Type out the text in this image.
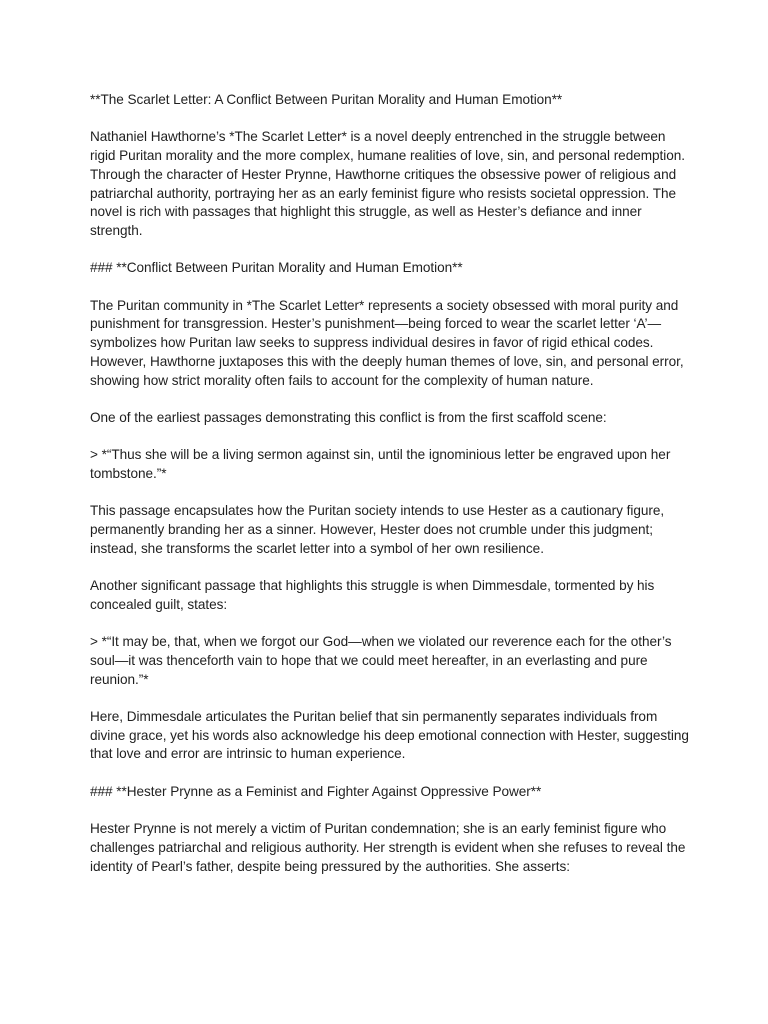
**The Scarlet Letter: A Conflict Between Puritan Morality and Human Emotion**

Nathaniel Hawthorne’s *The Scarlet Letter* is a novel deeply entrenched in the struggle between rigid Puritan morality and the more complex, humane realities of love, sin, and personal redemption. Through the character of Hester Prynne, Hawthorne critiques the obsessive power of religious and patriarchal authority, portraying her as an early feminist figure who resists societal oppression. The novel is rich with passages that highlight this struggle, as well as Hester’s defiance and inner strength.

### **Conflict Between Puritan Morality and Human Emotion**

The Puritan community in *The Scarlet Letter* represents a society obsessed with moral purity and punishment for transgression. Hester’s punishment—being forced to wear the scarlet letter ‘A’—symbolizes how Puritan law seeks to suppress individual desires in favor of rigid ethical codes. However, Hawthorne juxtaposes this with the deeply human themes of love, sin, and personal error, showing how strict morality often fails to account for the complexity of human nature.

One of the earliest passages demonstrating this conflict is from the first scaffold scene:

> *“Thus she will be a living sermon against sin, until the ignominious letter be engraved upon her tombstone.”*

This passage encapsulates how the Puritan society intends to use Hester as a cautionary figure, permanently branding her as a sinner. However, Hester does not crumble under this judgment; instead, she transforms the scarlet letter into a symbol of her own resilience.

Another significant passage that highlights this struggle is when Dimmesdale, tormented by his concealed guilt, states:

> *“It may be, that, when we forgot our God—when we violated our reverence each for the other’s soul—it was thenceforth vain to hope that we could meet hereafter, in an everlasting and pure reunion.”*

Here, Dimmesdale articulates the Puritan belief that sin permanently separates individuals from divine grace, yet his words also acknowledge his deep emotional connection with Hester, suggesting that love and error are intrinsic to human experience.

### **Hester Prynne as a Feminist and Fighter Against Oppressive Power**

Hester Prynne is not merely a victim of Puritan condemnation; she is an early feminist figure who challenges patriarchal and religious authority. Her strength is evident when she refuses to reveal the identity of Pearl’s father, despite being pressured by the authorities. She asserts:
